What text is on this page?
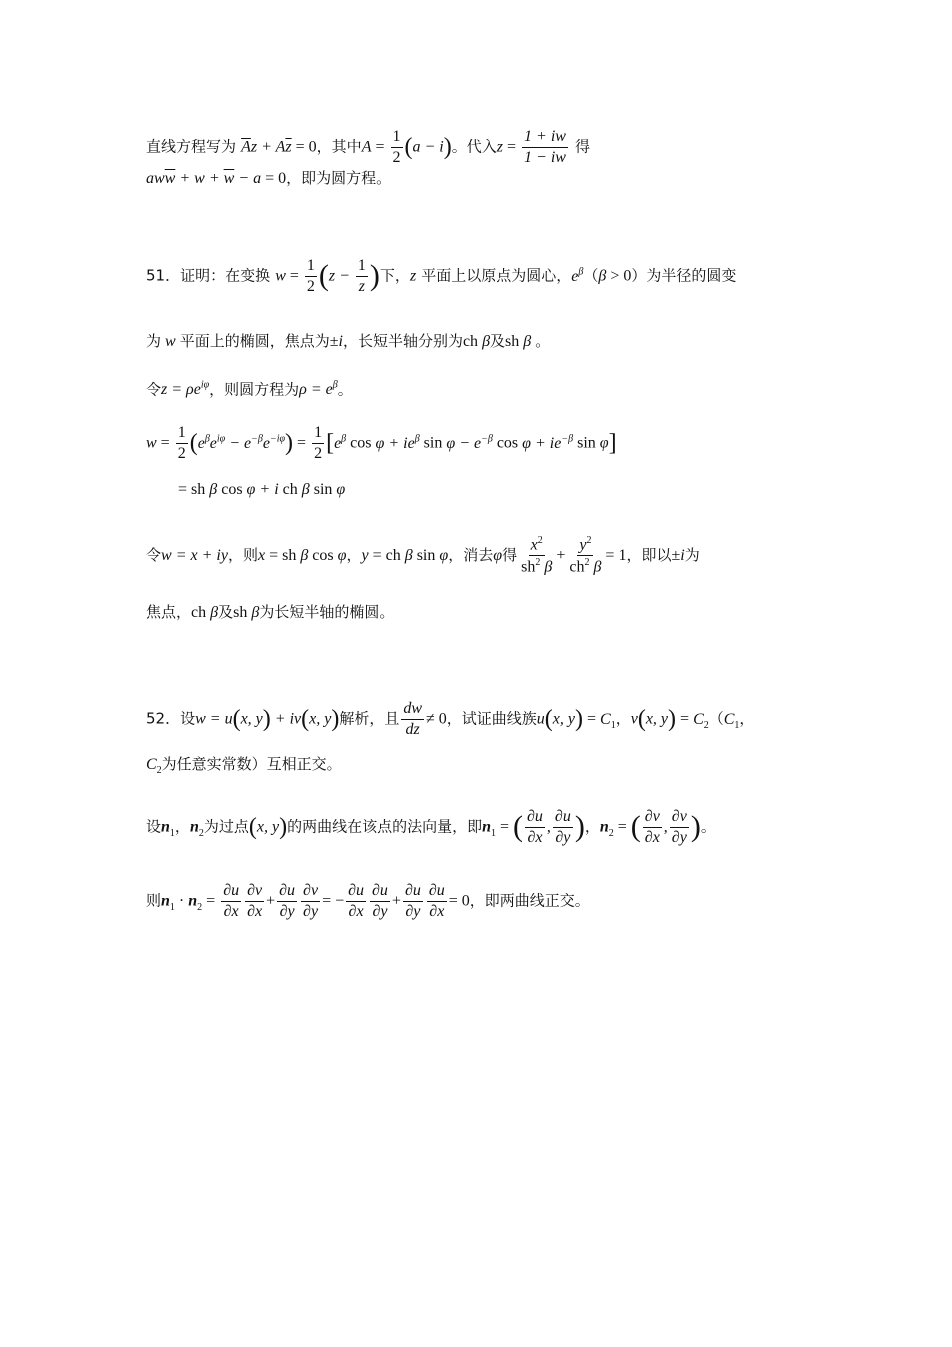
直线方程写为 $\overline{A}z + A\overline{z} = 0$，其中$A = \frac{1}{2} (a - i)$。代入$z = \frac{1 + iw}{1 - iw}$ 得
$aw\overline{w} + w + \overline{w} - a = 0$，即为圆方程。
51．证明：在变换 $w = \frac{1}{2} (z - \frac{1}{z}$ )下，z 平面上以原点为圆心，$e^\beta(\beta > 0)$为半径的圆变
为 w 平面上的椭圆，焦点为±i，长短半轴分别为ch β及sh β 。
令$z = \rho e^{i\varphi}$，则圆方程为$\rho = e^\beta$。
$w = \frac{1}{2} (e^\beta e^{i\varphi} - e^{-\beta}e^{-i\varphi}) = \frac{1}{2} [e^\beta$ $\cos \varphi + ie^\beta$ $\sin \varphi - e^{-\beta}$ $\cos \varphi + ie^{-\beta}$ sin φ]
= sh β cos φ + i ch β sin φ
令w = x + iy，则x = sh β cos φ，y = ch β sin φ，消去φ得 $\frac{x^2}{sh^2 \beta} + \frac{y^2}{ch^2 \beta} = 1$，即以±i为
焦点，ch β及sh β为长短半轴的椭圆。
52．设w = u(x, y) + iv(x, y)解析，且 $\frac{dw}{dz} \ne 0$，试证曲线族u(x, $y) = C_1$，v(x, $y) = C_2(C_1$，
$C_2$为任意实常数）互相正交。
设$n_1$，$n_2$为过点(x, y)的两曲线在该点的法向量，即$n_1$ = ( $\frac{\partial u}{\partial x}$ , $\frac{\partial u}{\partial y}$ )，$n_2$ = ( $\frac{\partial v}{\partial x}$ , $\frac{\partial v}{\partial y}$ )。
则$n_1 \cdot n_2 = \frac{\partial u}{\partial x} \frac{\partial v}{\partial x} + \frac{\partial u}{\partial y} \frac{\partial v}{\partial y}$ = − $\frac{\partial u}{\partial x} \frac{\partial u}{\partial y} + \frac{\partial u}{\partial y} \frac{\partial u}{\partial x} = 0$，即两曲线正交。
